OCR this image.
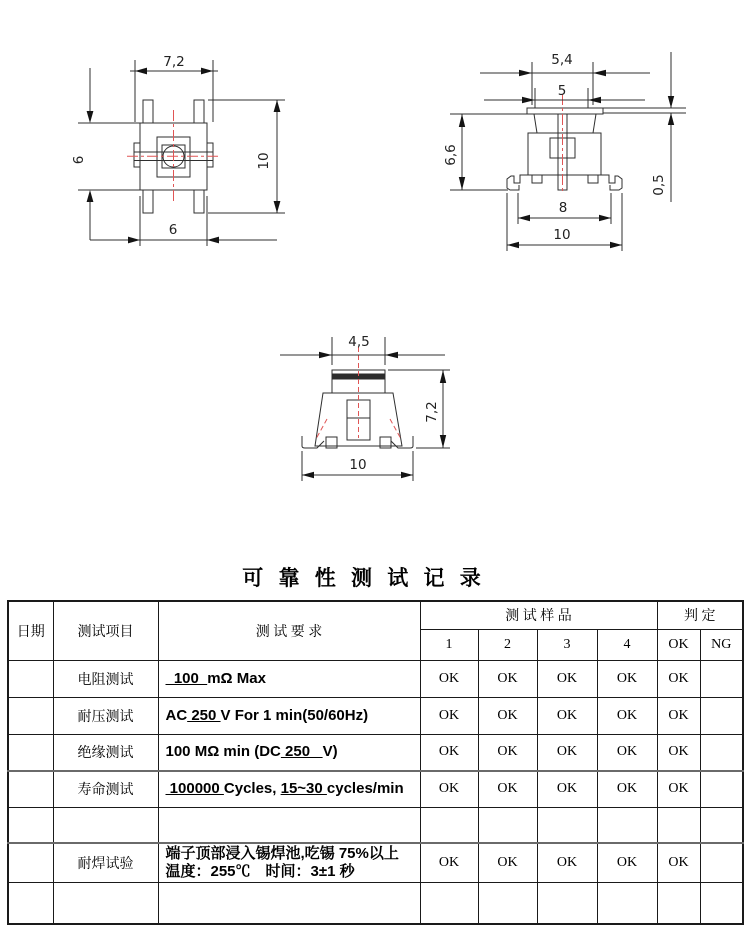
7,2
6	10
6
5,4
5
6,6
0,5
8
10
4,5
7,2
10
可 靠 性 测 试 记 录
日期	测试项目	测 试 要 求	测 试 样 品				判 定	
			1	2	3	4	OK	NG
	电阻测试	100  mΩ Max	OK	OK	OK	OK	OK	
	耐压测试	AC 250 V For 1 min(50/60Hz)	OK	OK	OK	OK	OK	
	绝缘测试	100 MΩ min (DC 250   V)	OK	OK	OK	OK	OK	
	寿命测试	100000 Cycles, 15~30 cycles/min	OK	OK	OK	OK	OK	

	耐焊试验	端子顶部浸入锡焊池,吃锡 75%以上
温度：255℃　时间：3±1 秒	OK	OK	OK	OK	OK	
